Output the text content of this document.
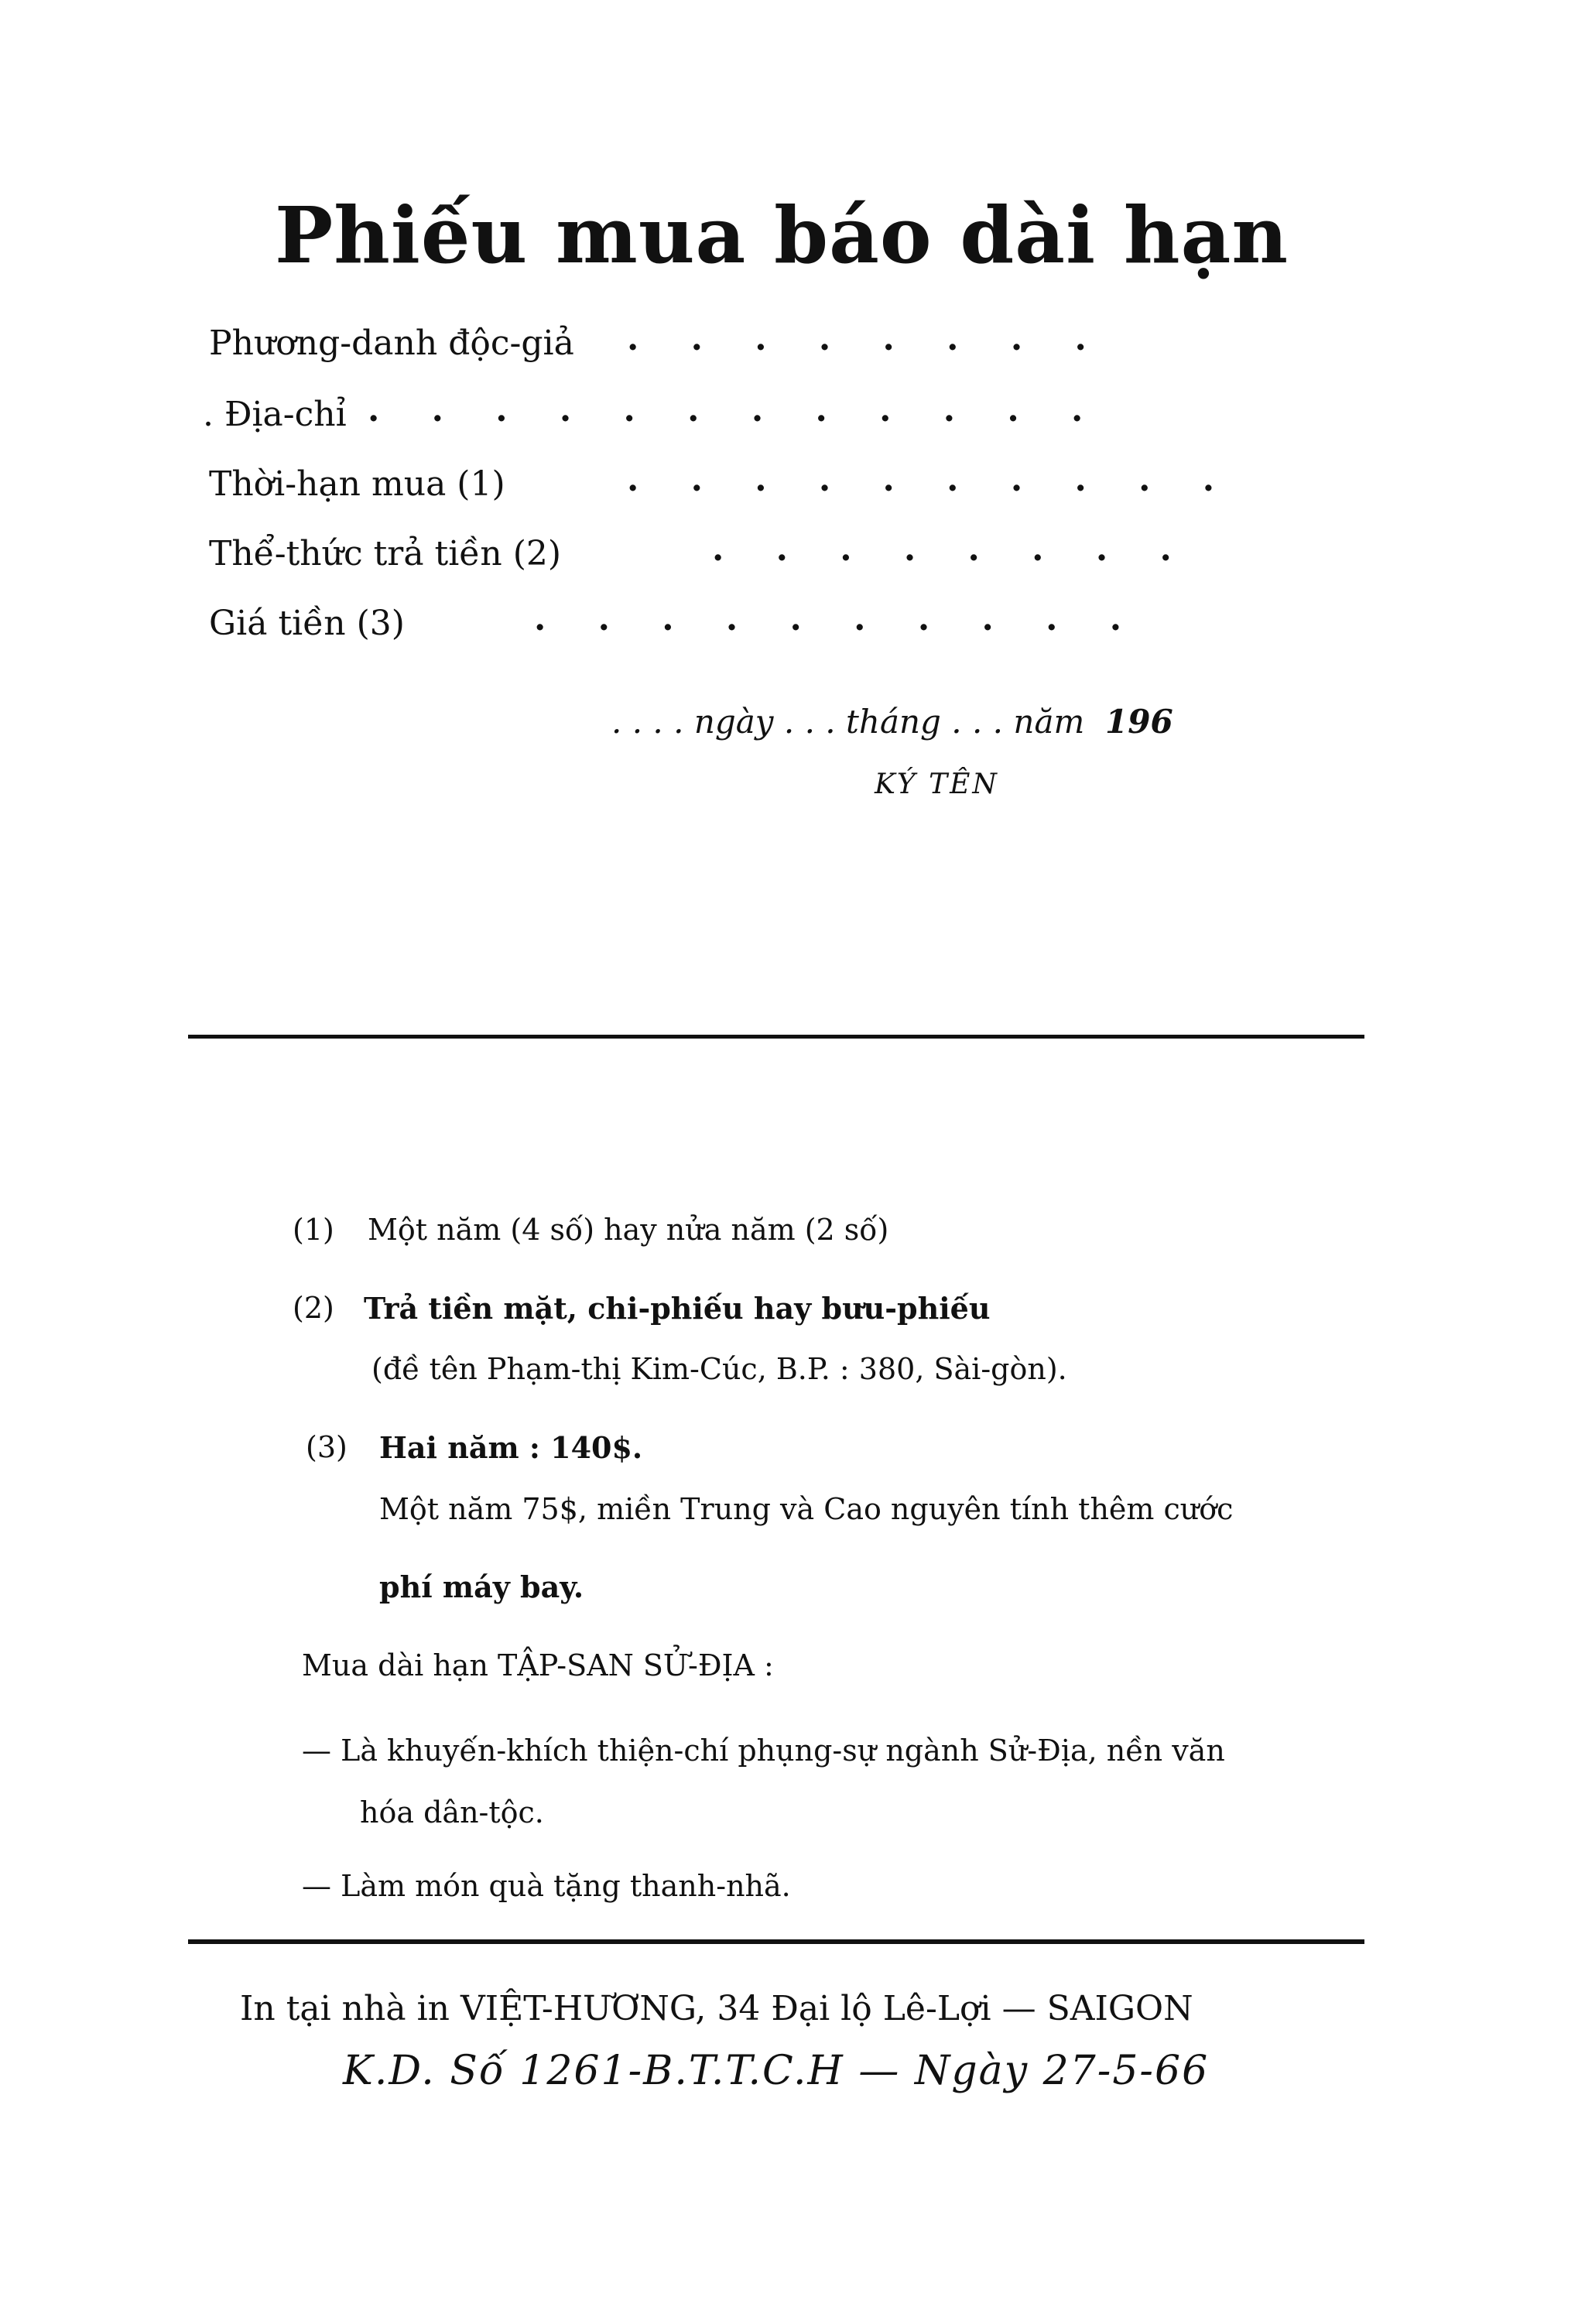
Phiếu mua báo dài hạn
Phương-danh độc-giả . . . . . . . .
. Địa-chỉ . . . . . . . . . . . .
Thời-hạn mua (1)	. . . . . . . . . .
Thể-thức trả tiền (2)	. . . . . . . .
Giá tiền (3)	. . . . . . . . . .
. . . . ngày . . . tháng . . . năm 196
KÝ TÊN
(1) Một năm (4 số) hay nửa năm (2 số)
(2) Trả tiền mặt, chi-phiếu hay bưu-phiếu
(đề tên Phạm-thị Kim-Cúc, B.P. : 380, Sài-gòn).
(3) Hai năm : 140$.
Một năm 75$, miền Trung và Cao nguyên tính thêm cước
phí máy bay.
Mua dài hạn TẬP-SAN SỬ-ĐỊA :
— Là khuyến-khích thiện-chí phụng-sự ngành Sử-Địa, nền văn
hóa dân-tộc.
— Làm món quà tặng thanh-nhã.
In tại nhà in VIỆT-HƯƠNG, 34 Đại lộ Lê-Lợi — SAIGON
K.D. Số 1261-B.T.T.C.H — Ngày 27-5-66
